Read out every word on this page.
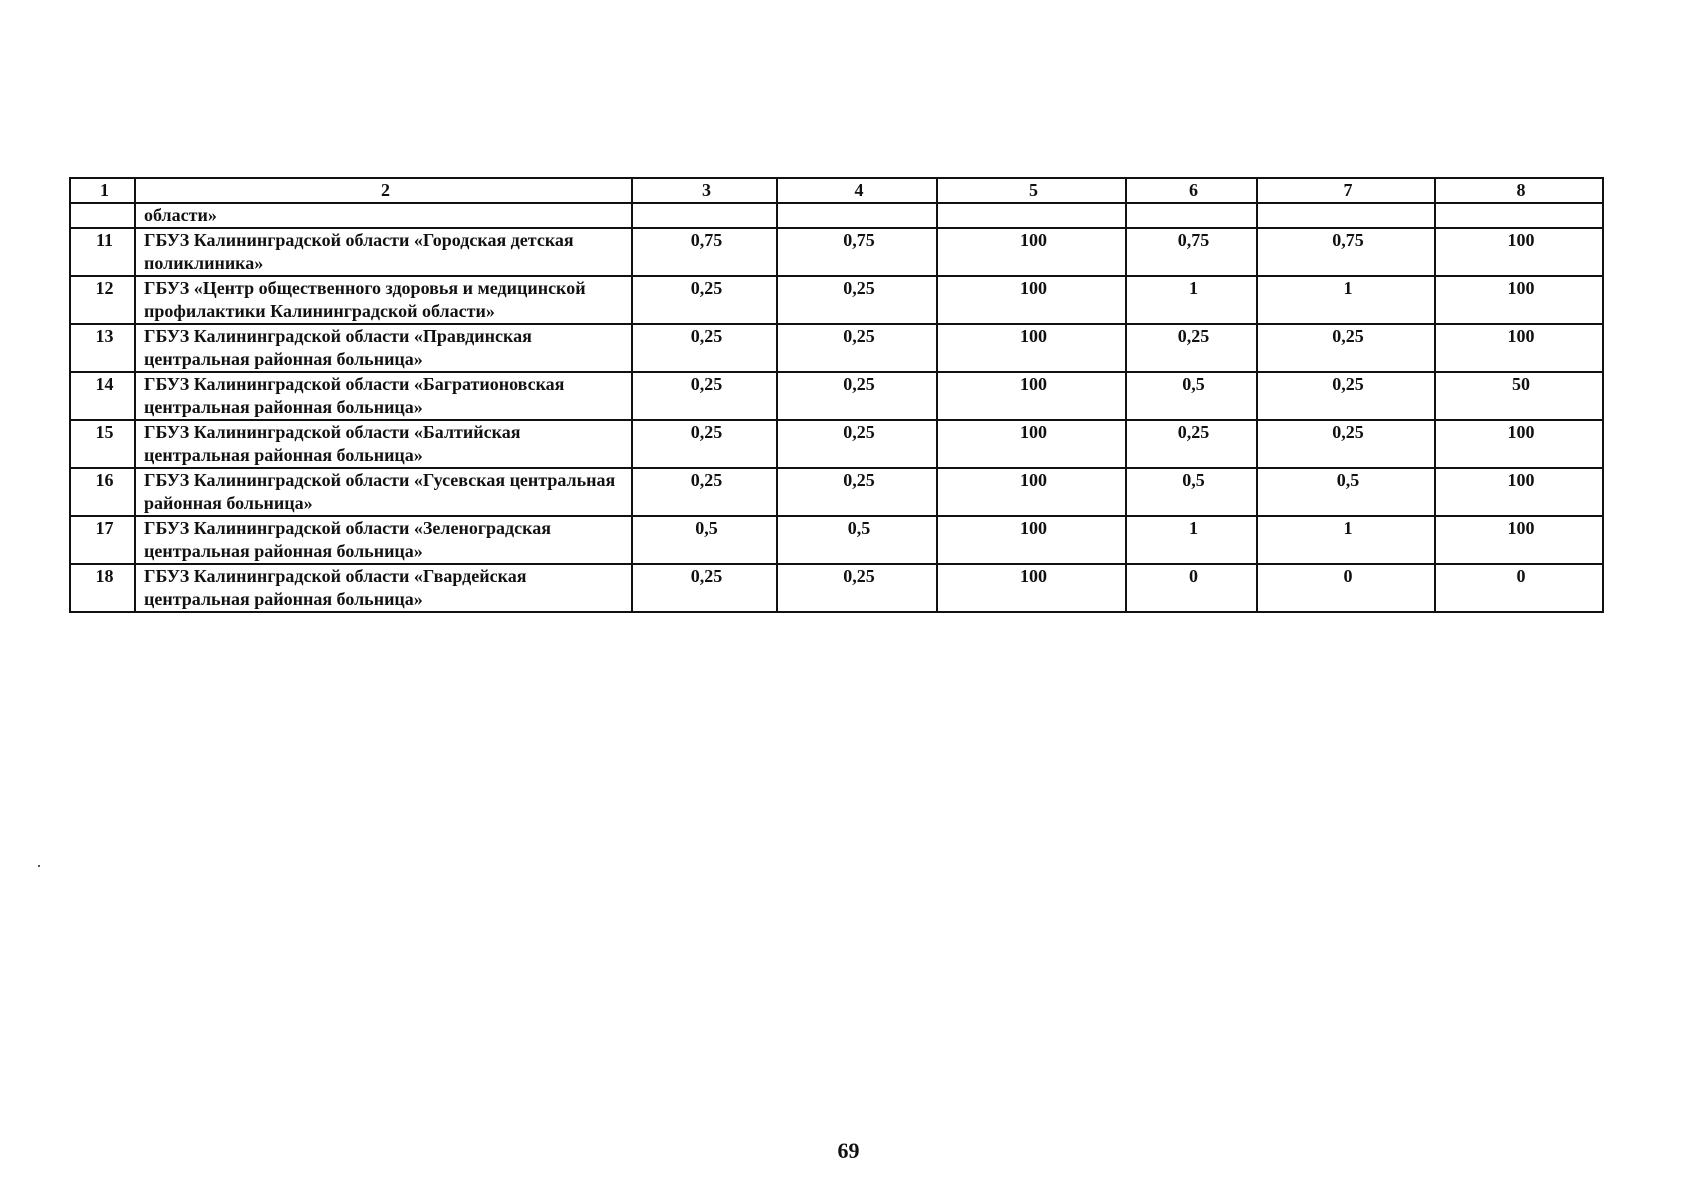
1	2	3	4	5	6	7	8
	области»						
11	ГБУЗ Калининградской области «Городская детская поликлиника»	0,75	0,75	100	0,75	0,75	100
12	ГБУЗ «Центр общественного здоровья и медицинской профилактики Калининградской области»	0,25	0,25	100	1	1	100
13	ГБУЗ Калининградской области «Правдинская центральная районная больница»	0,25	0,25	100	0,25	0,25	100
14	ГБУЗ Калининградской области «Багратионовская центральная районная больница»	0,25	0,25	100	0,5	0,25	50
15	ГБУЗ Калининградской области «Балтийская центральная районная больница»	0,25	0,25	100	0,25	0,25	100
16	ГБУЗ Калининградской области «Гусевская центральная районная больница»	0,25	0,25	100	0,5	0,5	100
17	ГБУЗ Калининградской области «Зеленоградская центральная районная больница»	0,5	0,5	100	1	1	100
18	ГБУЗ Калининградской области «Гвардейская центральная районная больница»	0,25	0,25	100	0	0	0
69
